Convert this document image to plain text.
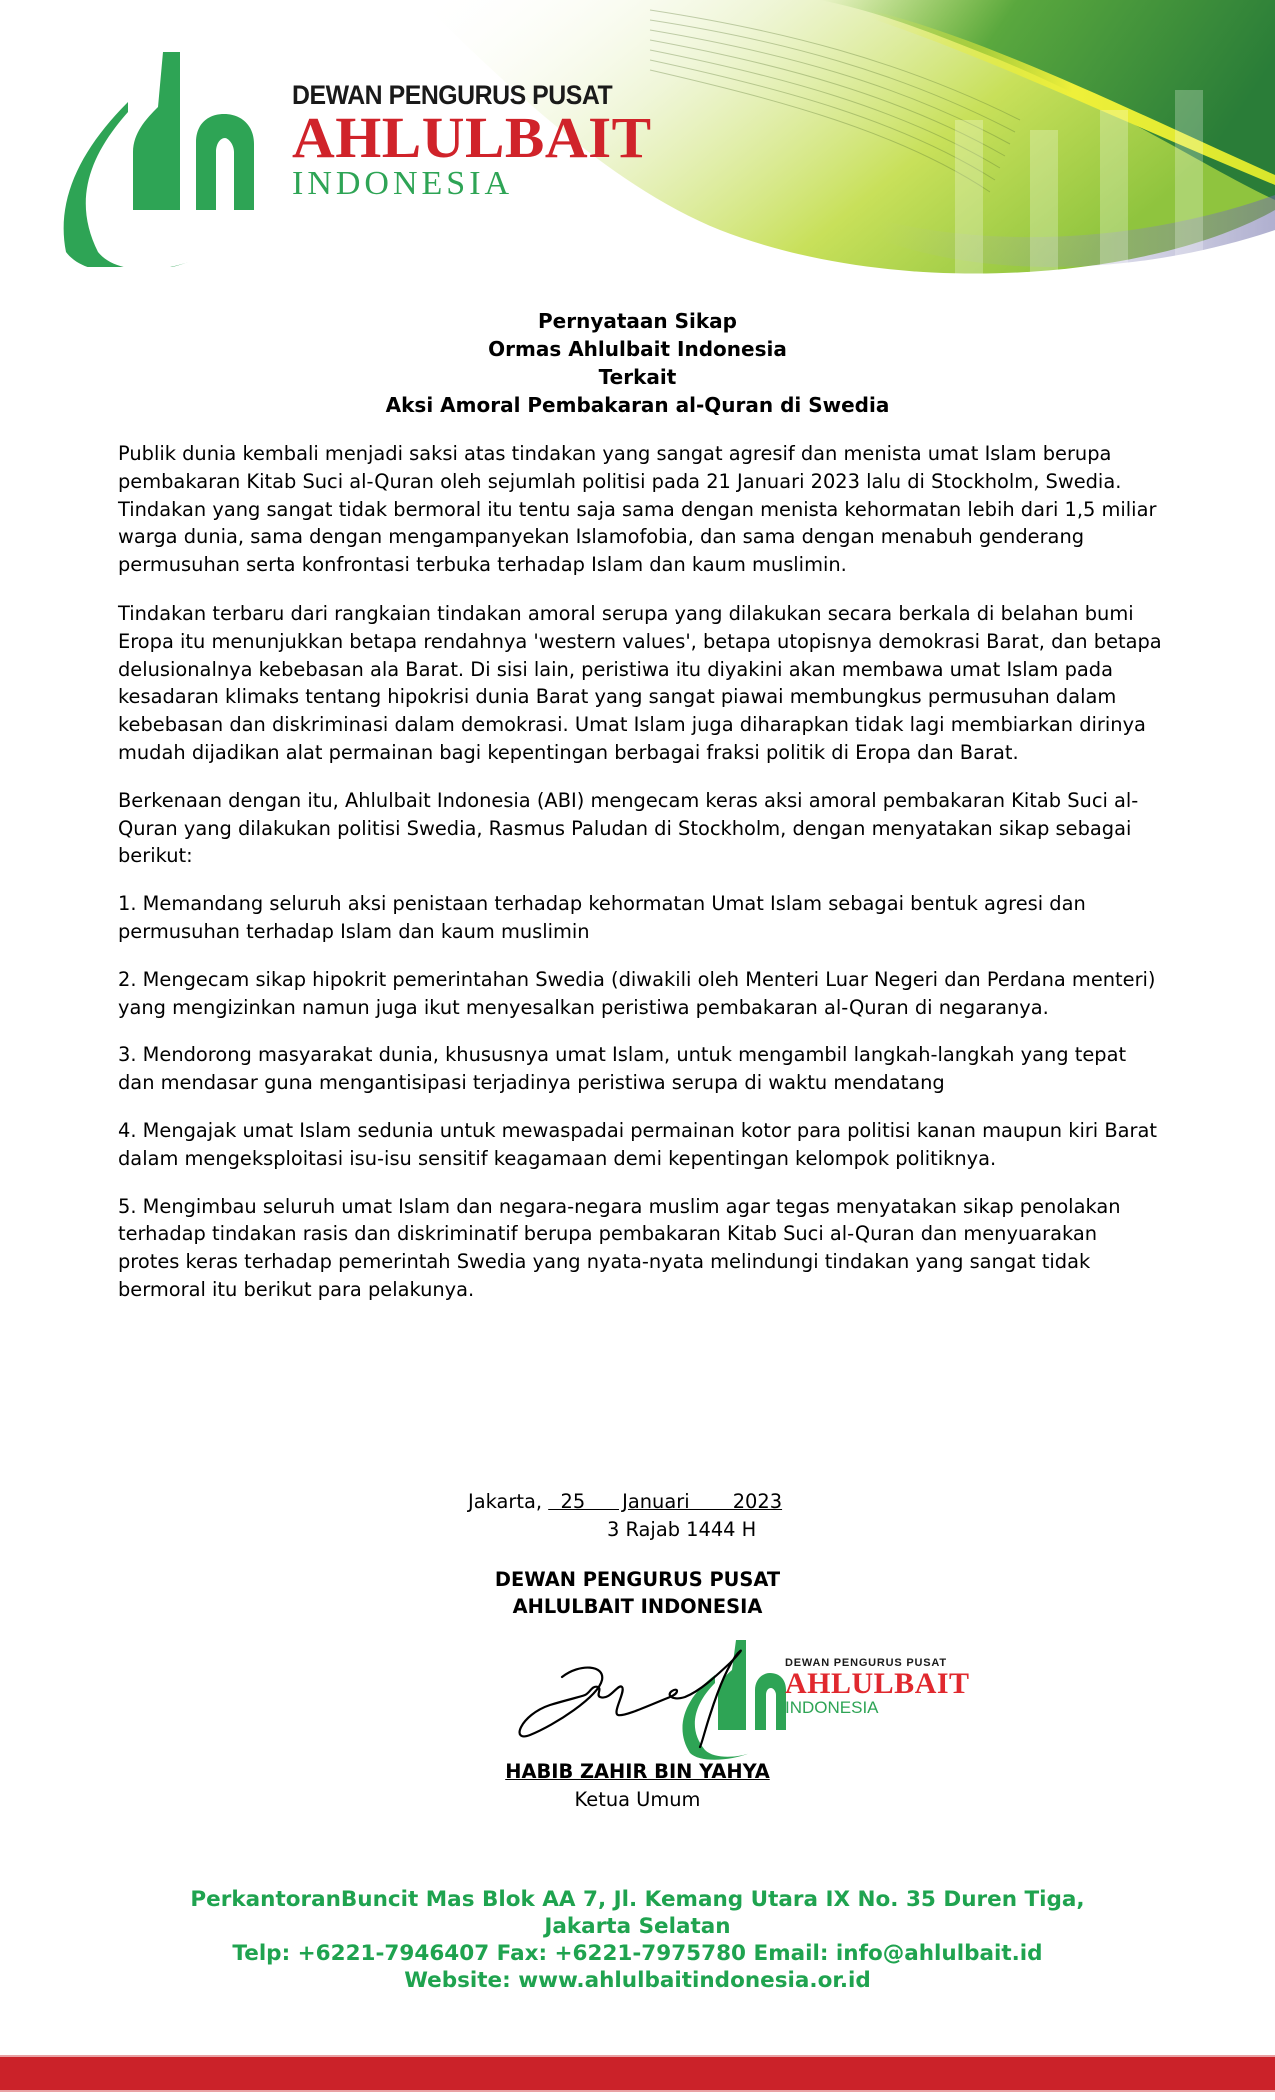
DEWAN PENGURUS PUSAT
AHLULBAIT
INDONESIA
Pernyataan Sikap
Ormas Ahlulbait Indonesia
Terkait
Aksi Amoral Pembakaran al-Quran di Swedia

Publik dunia kembali menjadi saksi atas tindakan yang sangat agresif dan menista umat Islam berupa pembakaran Kitab Suci al-Quran oleh sejumlah politisi pada 21 Januari 2023 lalu di Stockholm, Swedia. Tindakan yang sangat tidak bermoral itu tentu saja sama dengan menista kehormatan lebih dari 1,5 miliar warga dunia, sama dengan mengampanyekan Islamofobia, dan sama dengan menabuh genderang permusuhan serta konfrontasi terbuka terhadap Islam dan kaum muslimin.

Tindakan terbaru dari rangkaian tindakan amoral serupa yang dilakukan secara berkala di belahan bumi Eropa itu menunjukkan betapa rendahnya 'western values', betapa utopisnya demokrasi Barat, dan betapa delusionalnya kebebasan ala Barat. Di sisi lain, peristiwa itu diyakini akan membawa umat Islam pada kesadaran klimaks tentang hipokrisi dunia Barat yang sangat piawai membungkus permusuhan dalam kebebasan dan diskriminasi dalam demokrasi. Umat Islam juga diharapkan tidak lagi membiarkan dirinya mudah dijadikan alat permainan bagi kepentingan berbagai fraksi politik di Eropa dan Barat.

Berkenaan dengan itu, Ahlulbait Indonesia (ABI) mengecam keras aksi amoral pembakaran Kitab Suci al-Quran yang dilakukan politisi Swedia, Rasmus Paludan di Stockholm, dengan menyatakan sikap sebagai berikut:

1. Memandang seluruh aksi penistaan terhadap kehormatan Umat Islam sebagai bentuk agresi dan permusuhan terhadap Islam dan kaum muslimin

2. Mengecam sikap hipokrit pemerintahan Swedia (diwakili oleh Menteri Luar Negeri dan Perdana menteri) yang mengizinkan namun juga ikut menyesalkan peristiwa pembakaran al-Quran di negaranya.

3. Mendorong masyarakat dunia, khususnya umat Islam, untuk mengambil langkah-langkah yang tepat dan mendasar guna mengantisipasi terjadinya peristiwa serupa di waktu mendatang

4. Mengajak umat Islam sedunia untuk mewaspadai permainan kotor para politisi kanan maupun kiri Barat dalam mengeksploitasi isu-isu sensitif keagamaan demi kepentingan kelompok politiknya.

5. Mengimbau seluruh umat Islam dan negara-negara muslim agar tegas menyatakan sikap penolakan terhadap tindakan rasis dan diskriminatif berupa pembakaran Kitab Suci al-Quran dan menyuarakan protes keras terhadap pemerintah Swedia yang nyata-nyata melindungi tindakan yang sangat tidak bermoral itu berikut para pelakunya.

Jakarta,   25      Januari       2023
3 Rajab 1444 H
DEWAN PENGURUS PUSAT
AHLULBAIT INDONESIA
DEWAN PENGURUS PUSAT
AHLULBAIT
INDONESIA
HABIB ZAHIR BIN YAHYA
Ketua Umum
PerkantoranBuncit Mas Blok AA 7, Jl. Kemang Utara IX No. 35 Duren Tiga,
Jakarta Selatan
Telp: +6221-7946407 Fax: +6221-7975780 Email: info@ahlulbait.id
Website: www.ahlulbaitindonesia.or.id
